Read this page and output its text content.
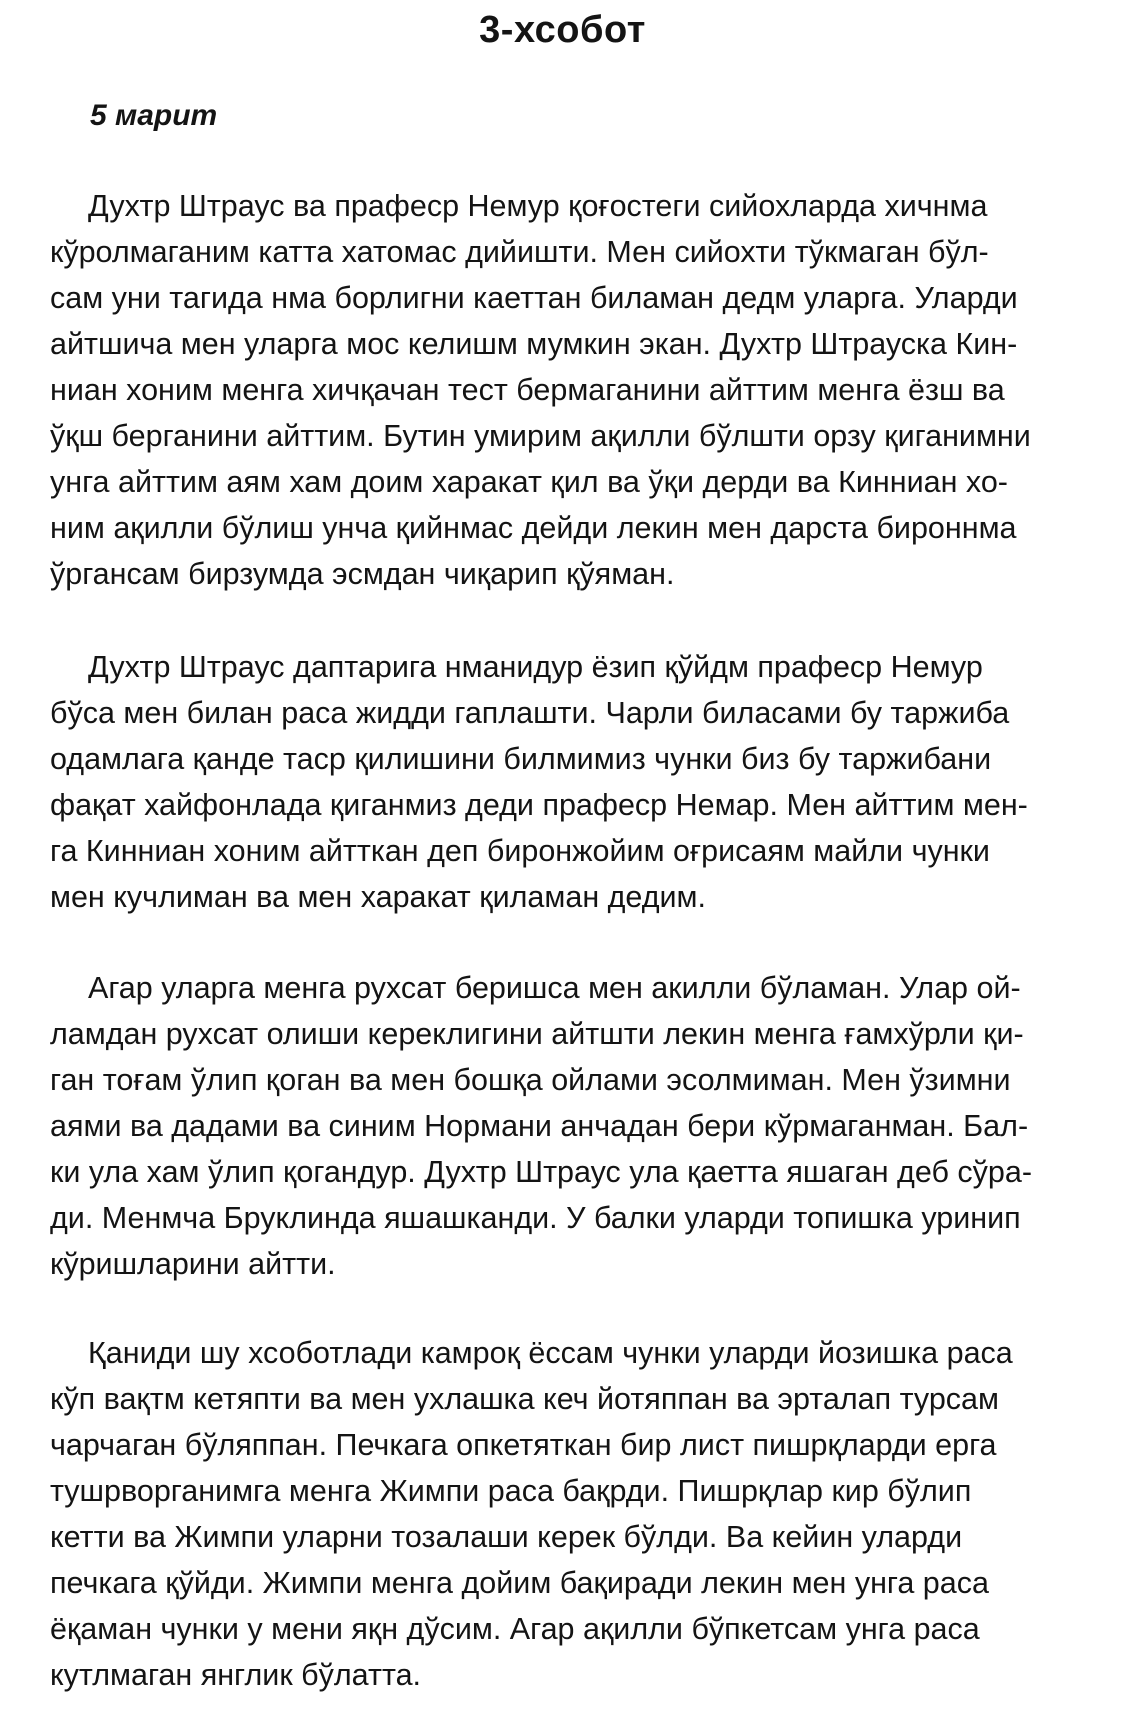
3-хсобот
5 марит
Духтр Штраус ва прафеср Немур қоғостеги сийохларда хичнма
кўролмаганим катта хатомас дийишти. Мен сийохти тўкмаган бўл-
сам уни тагида нма борлигни каеттан биламан дедм уларга. Уларди
айтшича мен уларга мос келишм мумкин экан. Духтр Штрауска Кин-
ниан хоним менга хичқачан тест бермаганини айттим менга ёзш ва
ўқш берганини айттим. Бутин умирим ақилли бўлшти орзу қиганимни
унга айттим аям хам доим харакат қил ва ўқи дерди ва Кинниан хо-
ним ақилли бўлиш унча қийнмас дейди лекин мен дарста бироннма
ўргансам бирзумда эсмдан чиқарип қўяман.
Духтр Штраус даптарига нманидур ёзип қўйдм прафеср Немур
бўса мен билан раса жидди гаплашти. Чарли биласами бу таржиба
одамлага қанде таср қилишини билмимиз чунки биз бу таржибани
фақат хайфонлада қиганмиз деди прафеср Немар. Мен айттим мен-
га Кинниан хоним айтткан деп биронжойим оғрисаям майли чунки
мен кучлиман ва мен харакат қиламан дедим.
Агар уларга менга рухсат беришса мен акилли бўламан. Улар ой-
ламдан рухсат олиши кереклигини айтшти лекин менга ғамхўрли қи-
ган тоғам ўлип қоган ва мен бошқа ойлами эсолмиман. Мен ўзимни
аями ва дадами ва синим Нормани анчадан бери кўрмаганман. Бал-
ки ула хам ўлип қогандур. Духтр Штраус ула қаетта яшаган деб сўра-
ди. Менмча Бруклинда яшашканди. У балки уларди топишка уринип
кўришларини айтти.
Қаниди шу хсоботлади камроқ ёссам чунки уларди йозишка раса
кўп вақтм кетяпти ва мен ухлашка кеч йотяппан ва эрталап турсам
чарчаган бўляппан. Печкага опкетяткан бир лист пишрқларди ерга
тушрворганимга менга Жимпи раса бақрди. Пишрқлар кир бўлип
кетти ва Жимпи уларни тозалаши керек бўлди. Ва кейин уларди
печкага қўйди. Жимпи менга дойим бақиради лекин мен унга раса
ёқаман чунки у мени яқн дўсим. Агар ақилли бўпкетсам унга раса
кутлмаган янглик бўлатта.
